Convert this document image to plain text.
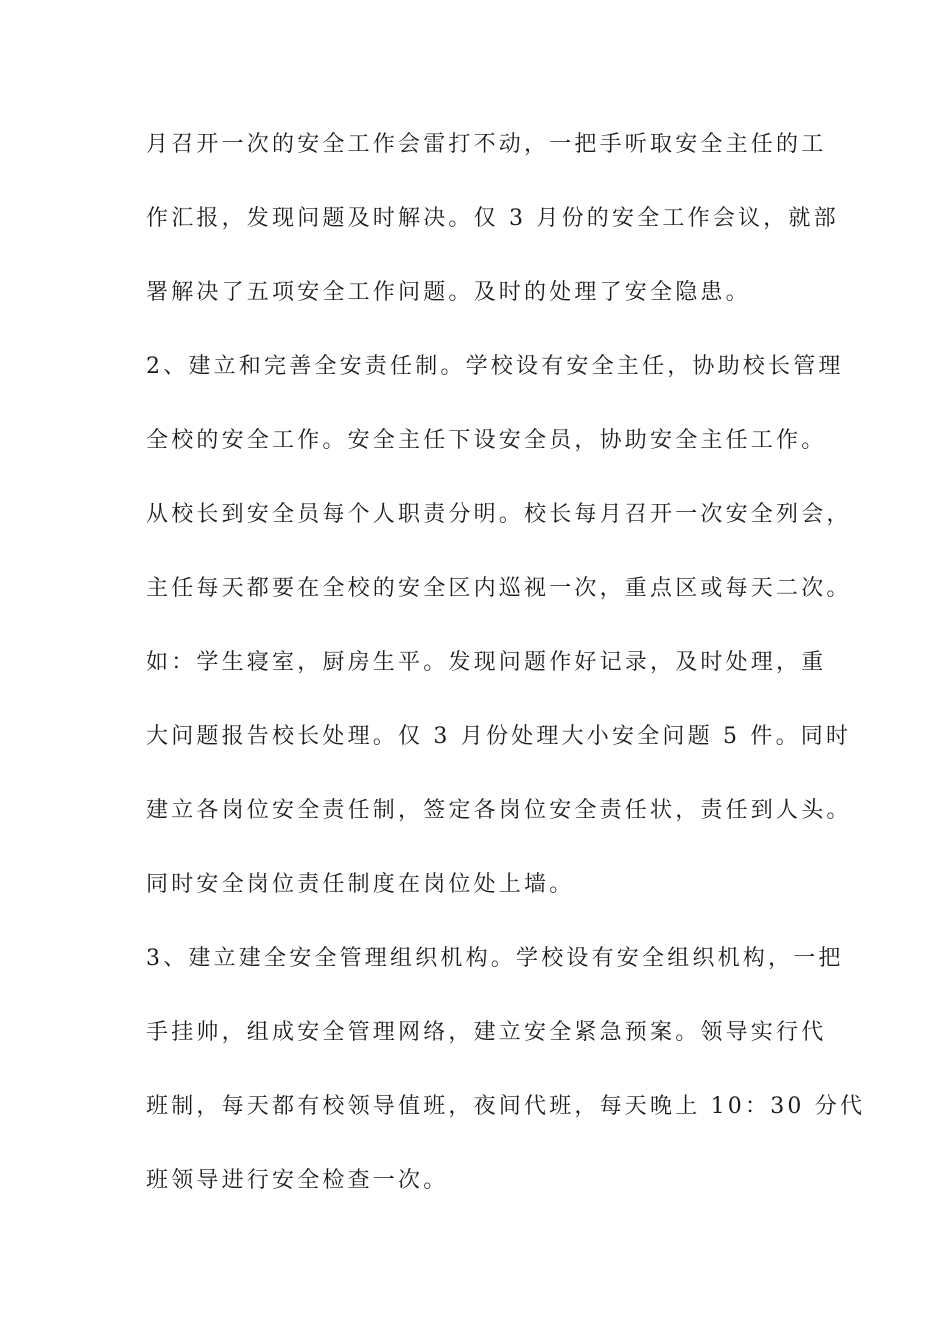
月召开一次的安全工作会雷打不动，一把手听取安全主任的工
作汇报，发现问题及时解决。仅 3 月份的安全工作会议，就部
署解决了五项安全工作问题。及时的处理了安全隐患。
2、建立和完善全安责任制。学校设有安全主任，协助校长管理
全校的安全工作。安全主任下设安全员，协助安全主任工作。
从校长到安全员每个人职责分明。校长每月召开一次安全列会，
主任每天都要在全校的安全区内巡视一次，重点区或每天二次。
如：学生寝室，厨房生平。发现问题作好记录，及时处理，重
大问题报告校长处理。仅 3 月份处理大小安全问题 5 件。同时
建立各岗位安全责任制，签定各岗位安全责任状，责任到人头。
同时安全岗位责任制度在岗位处上墙。
3、建立建全安全管理组织机构。学校设有安全组织机构，一把
手挂帅，组成安全管理网络，建立安全紧急预案。领导实行代
班制，每天都有校领导值班，夜间代班，每天晚上 10：30 分代
班领导进行安全检查一次。
